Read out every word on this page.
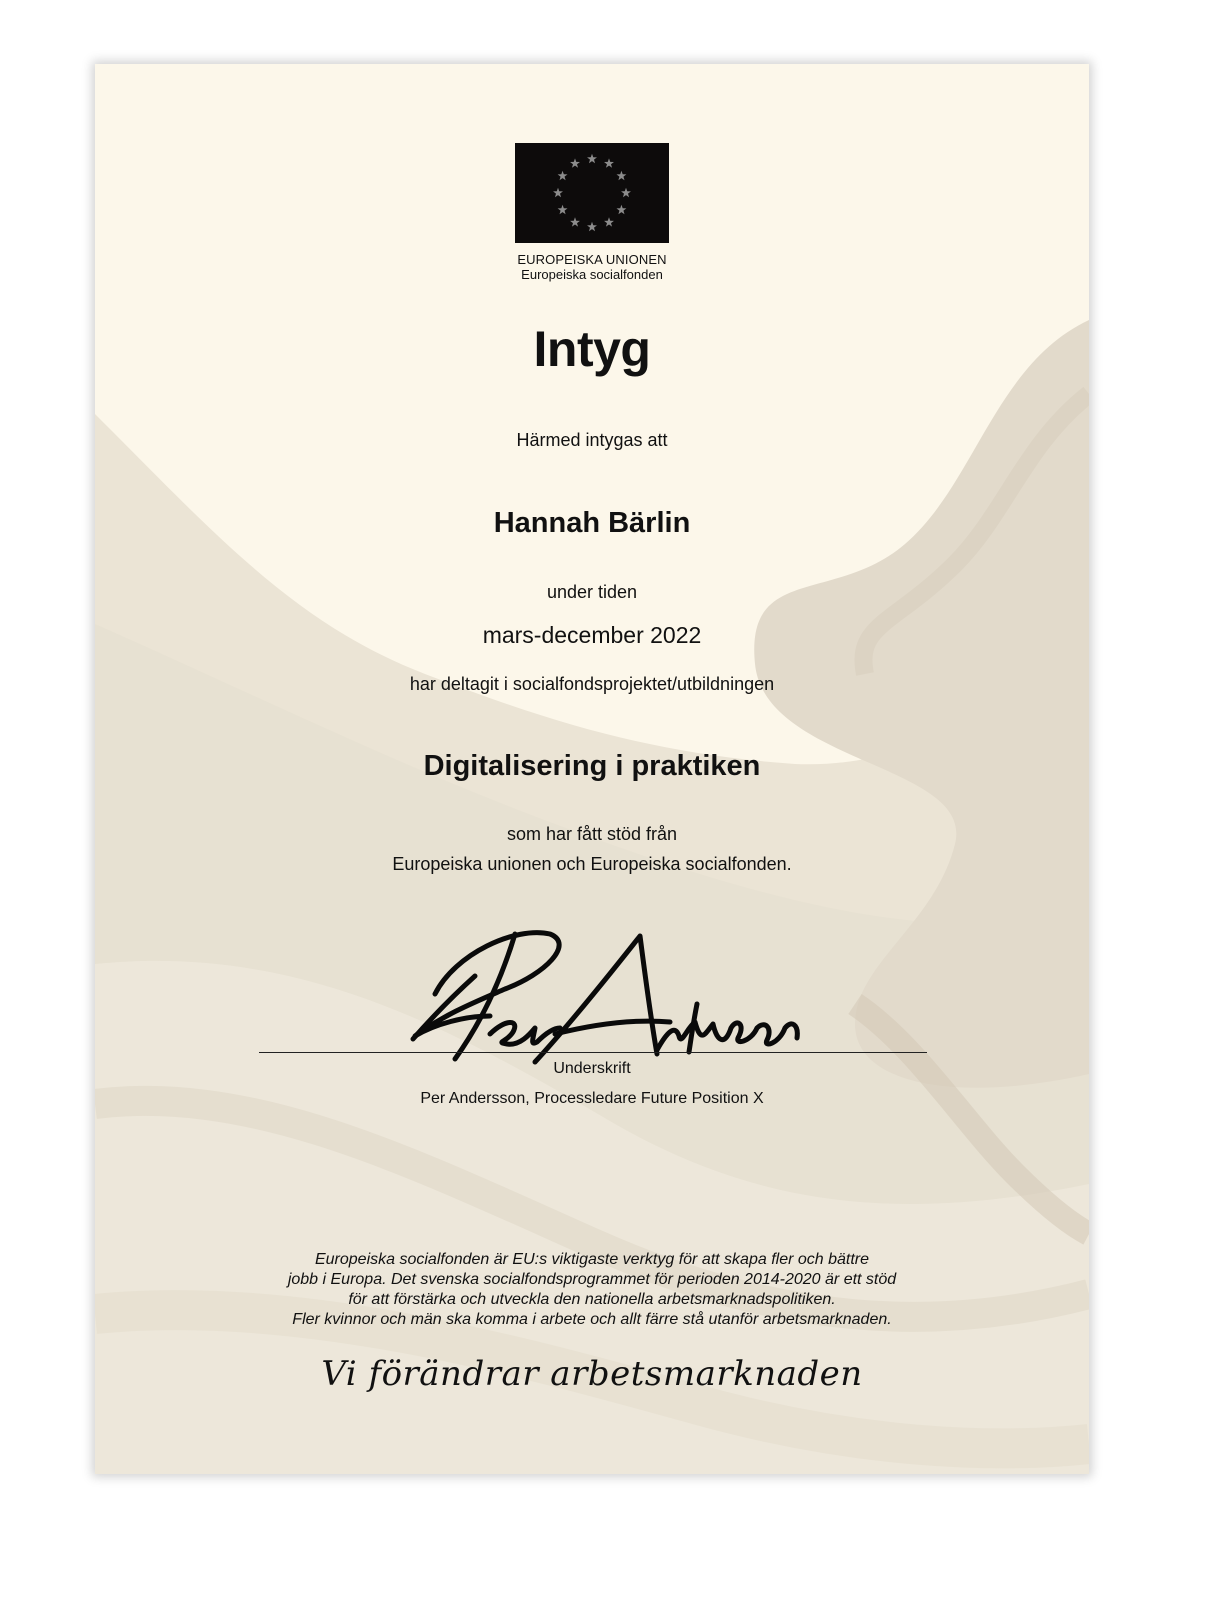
EUROPEISKA UNIONEN
Europeiska socialfonden
Intyg
Härmed intygas att
Hannah Bärlin
under tiden
mars-december 2022
har deltagit i socialfondsprojektet/utbildningen
Digitalisering i praktiken
som har fått stöd från
Europeiska unionen och Europeiska socialfonden.
Underskrift
Per Andersson, Processledare Future Position X
Europeiska socialfonden är EU:s viktigaste verktyg för att skapa fler och bättre
jobb i Europa. Det svenska socialfondsprogrammet för perioden 2014-2020 är ett stöd
för att förstärka och utveckla den nationella arbetsmarknadspolitiken.
Fler kvinnor och män ska komma i arbete och allt färre stå utanför arbetsmarknaden.
Vi förändrar arbetsmarknaden
